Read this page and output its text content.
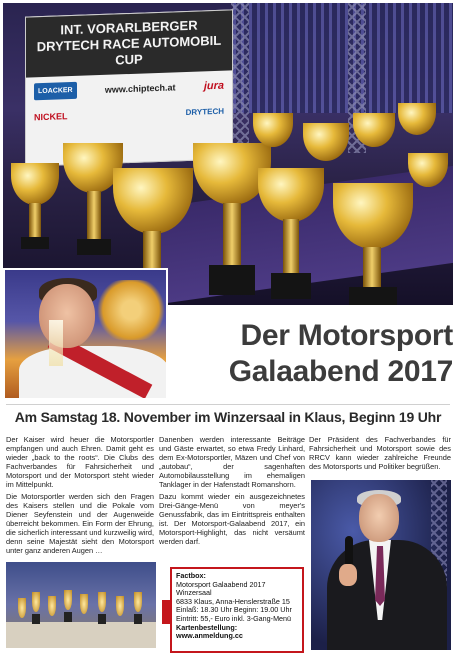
INT. VORARLBERGER DRYTECH RACE AUTOMOBIL CUP
LOACKER	www.chiptech.at	jura
NICKEL	DRYTECH
Der Motorsport
Galaabend 2017
Am Samstag 18. November im Winzersaal in Klaus, Beginn 19 Uhr

Der Kaiser wird heuer die Motorsportler empfangen und auch Ehren. Damit geht es wieder „back to the roots“. Die Clubs des Fachverbandes für Fahrsicherheit und Motorsport und der Motorsport steht wieder im Mittelpunkt.

Die Motorsportler werden sich den Fragen des Kaisers stellen und die Pokale vom Diener Seyfenstein und der Augenweide überreicht bekommen. Ein Form der Ehrung, die sicherlich interessant und kurzweilig wird, denn seine Majestät sieht den Motorsport unter ganz anderen Augen …

Danenben werden interessante Beiträge und Gäste erwartet, so etwa Fredy Linhard, dem Ex-Motorsportler, Mäzen und Chef von „autobau“, der sagenhaften Automobilausstellung im ehemaligen Tanklager in der Hafenstadt Romanshorn.

Dazu kommt wieder ein ausgezeichnetes Drei-Gänge-Menü von meyer's Genussfabrik, das im Eintrittspreis enthalten ist. Der Motorsport-Galaabend 2017, ein Motorsport-Highlight, das nicht versäumt werden darf.

Der Präsident des Fachverbandes für Fahrsicherheit und Motorsport sowie des RRCV kann wieder zahlreiche Freunde des Motorsports und Politiker begrüßen.

Factbox:
Motorsport Galaabend 2017
Winzersaal
6833 Klaus, Anna-Henslerstraße 15
Einlaß: 18.30 Uhr Beginn: 19.00 Uhr
Eintritt: 55,- Euro inkl. 3-Gang-Menü
Kartenbestellung:
www.anmeldung.cc
